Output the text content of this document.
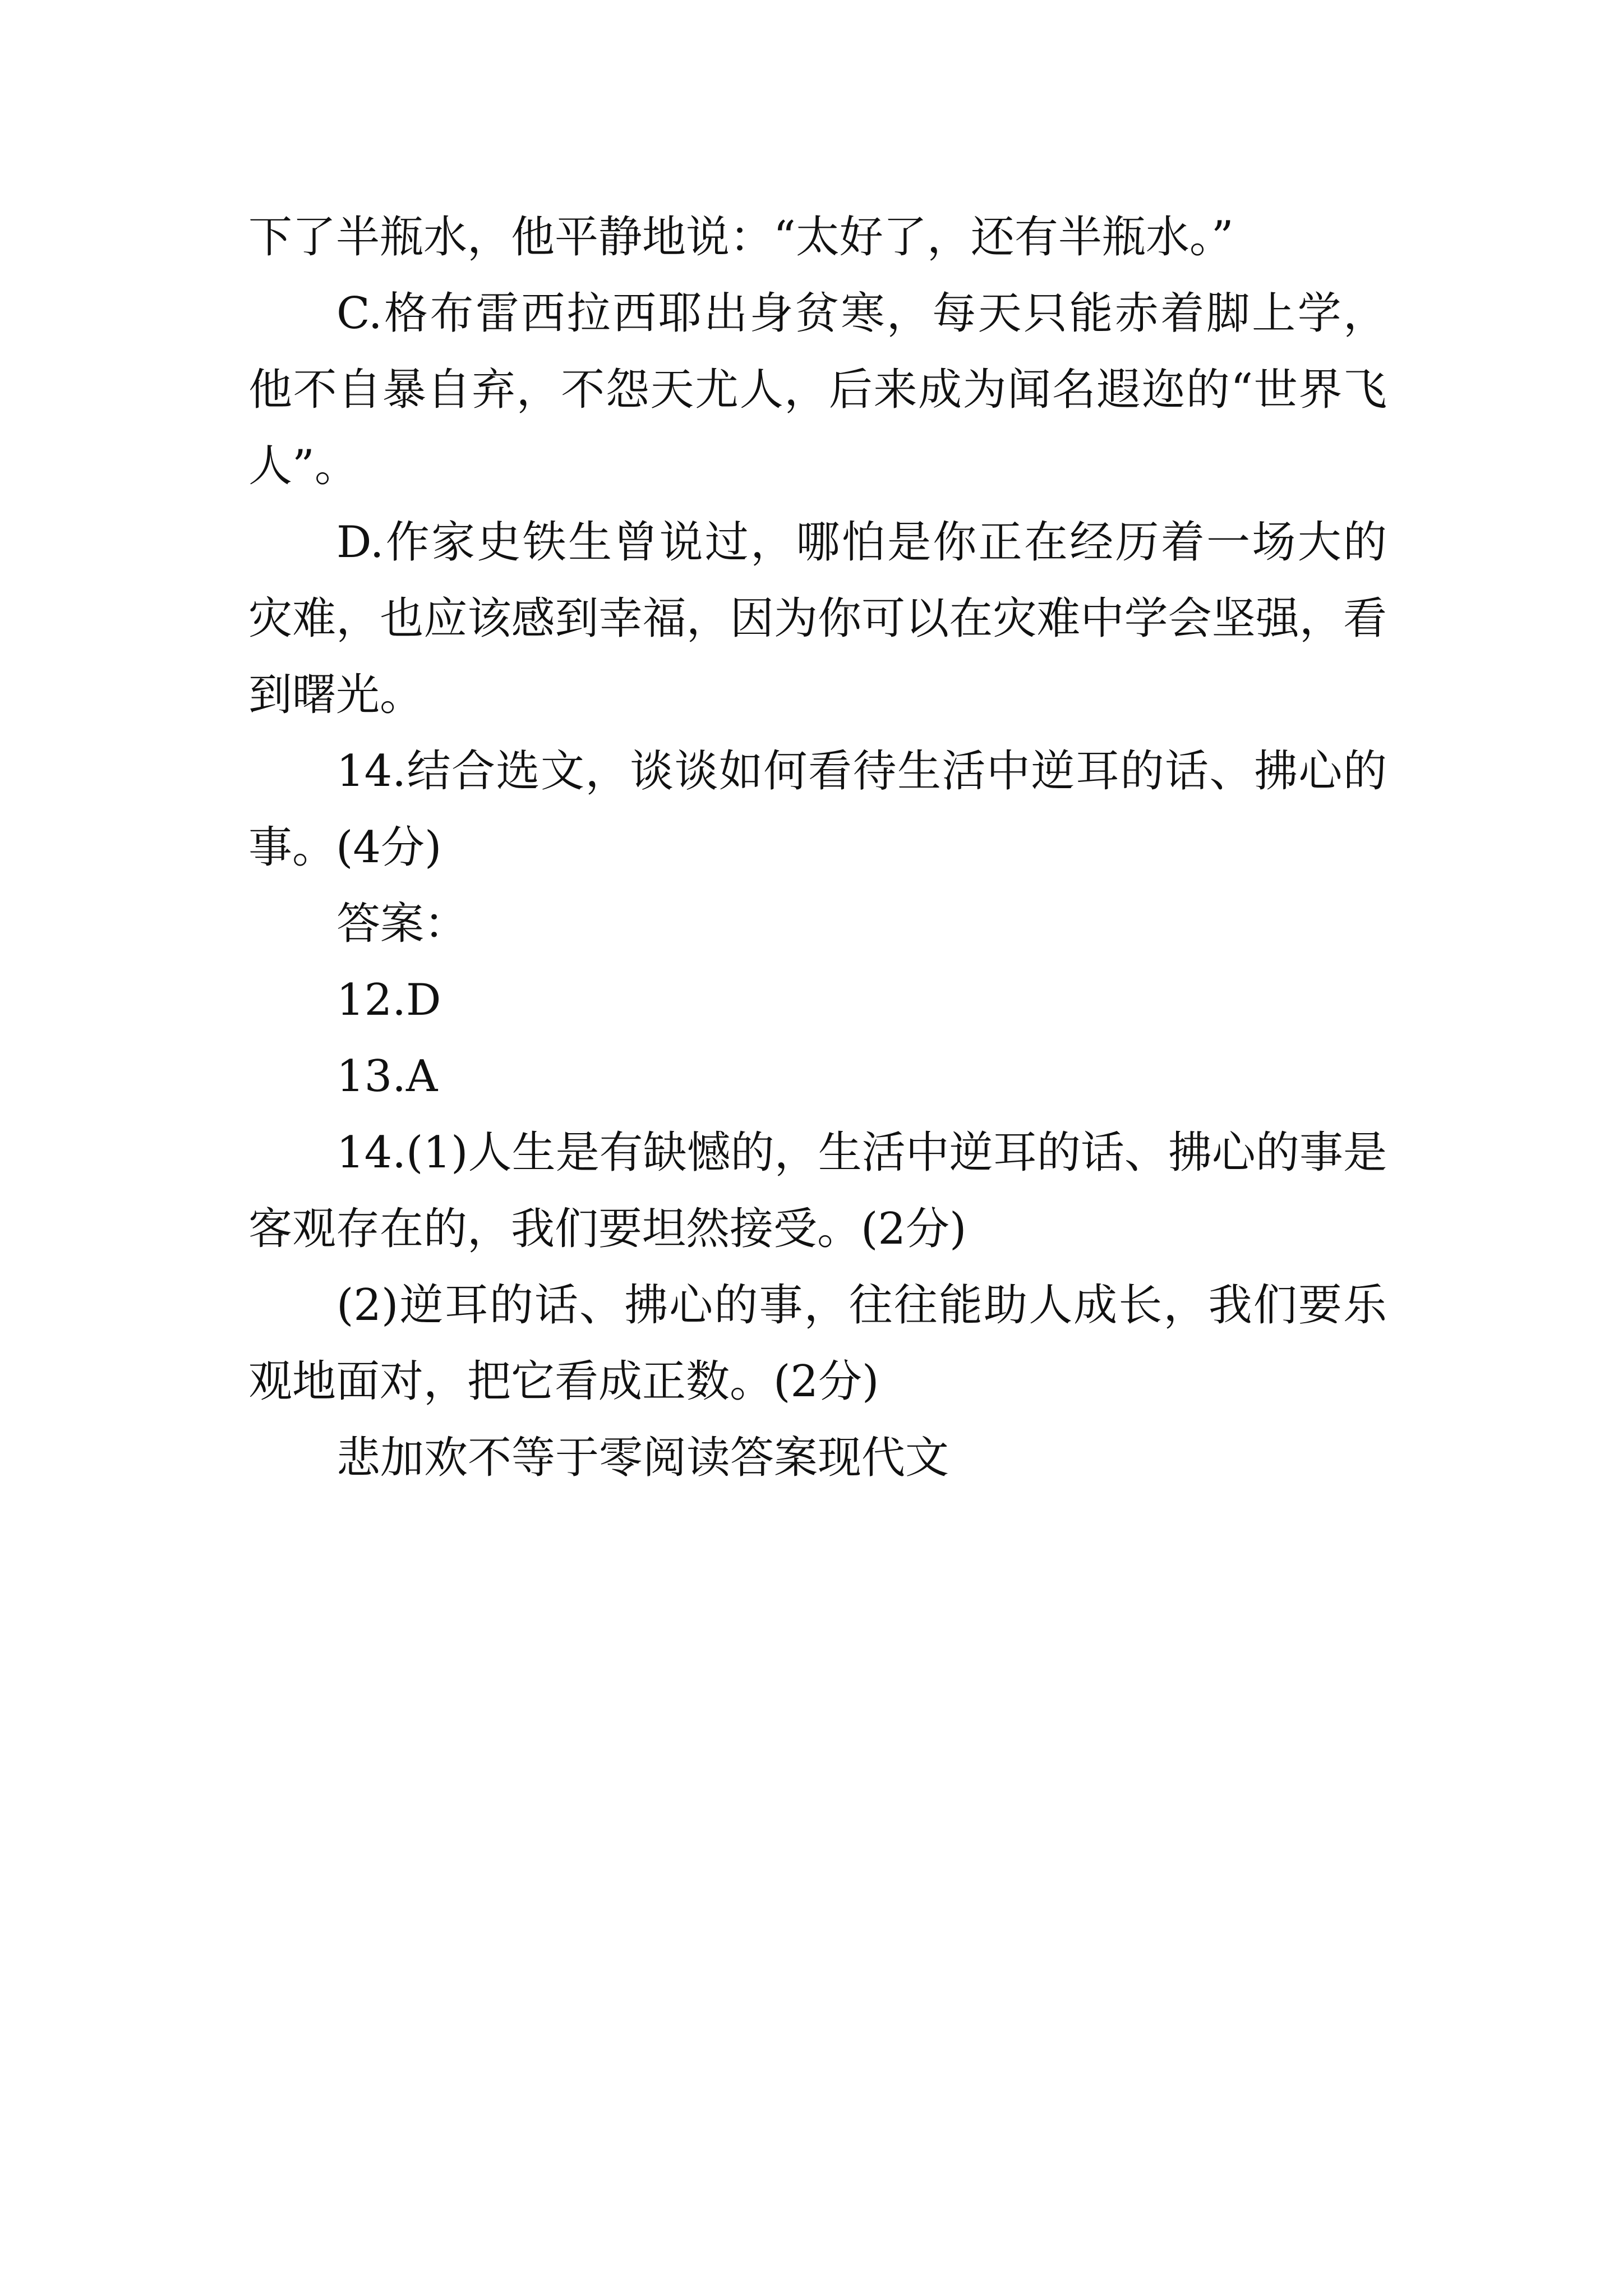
下了半瓶水，他平静地说：“太好了，还有半瓶水。”

C.格布雷西拉西耶出身贫寒，每天只能赤着脚上学，他不自暴自弃，不怨天尤人，后来成为闻名遐迩的“世界飞人”。

D.作家史铁生曾说过，哪怕是你正在经历着一场大的灾难，也应该感到幸福，因为你可以在灾难中学会坚强，看到曙光。

14.结合选文，谈谈如何看待生活中逆耳的话、拂心的事。(4分)

答案：

12.D

13.A

14.(1)人生是有缺憾的，生活中逆耳的话、拂心的事是客观存在的，我们要坦然接受。(2分)

(2)逆耳的话、拂心的事，往往能助人成长，我们要乐观地面对，把它看成正数。(2分)

悲加欢不等于零阅读答案现代文
